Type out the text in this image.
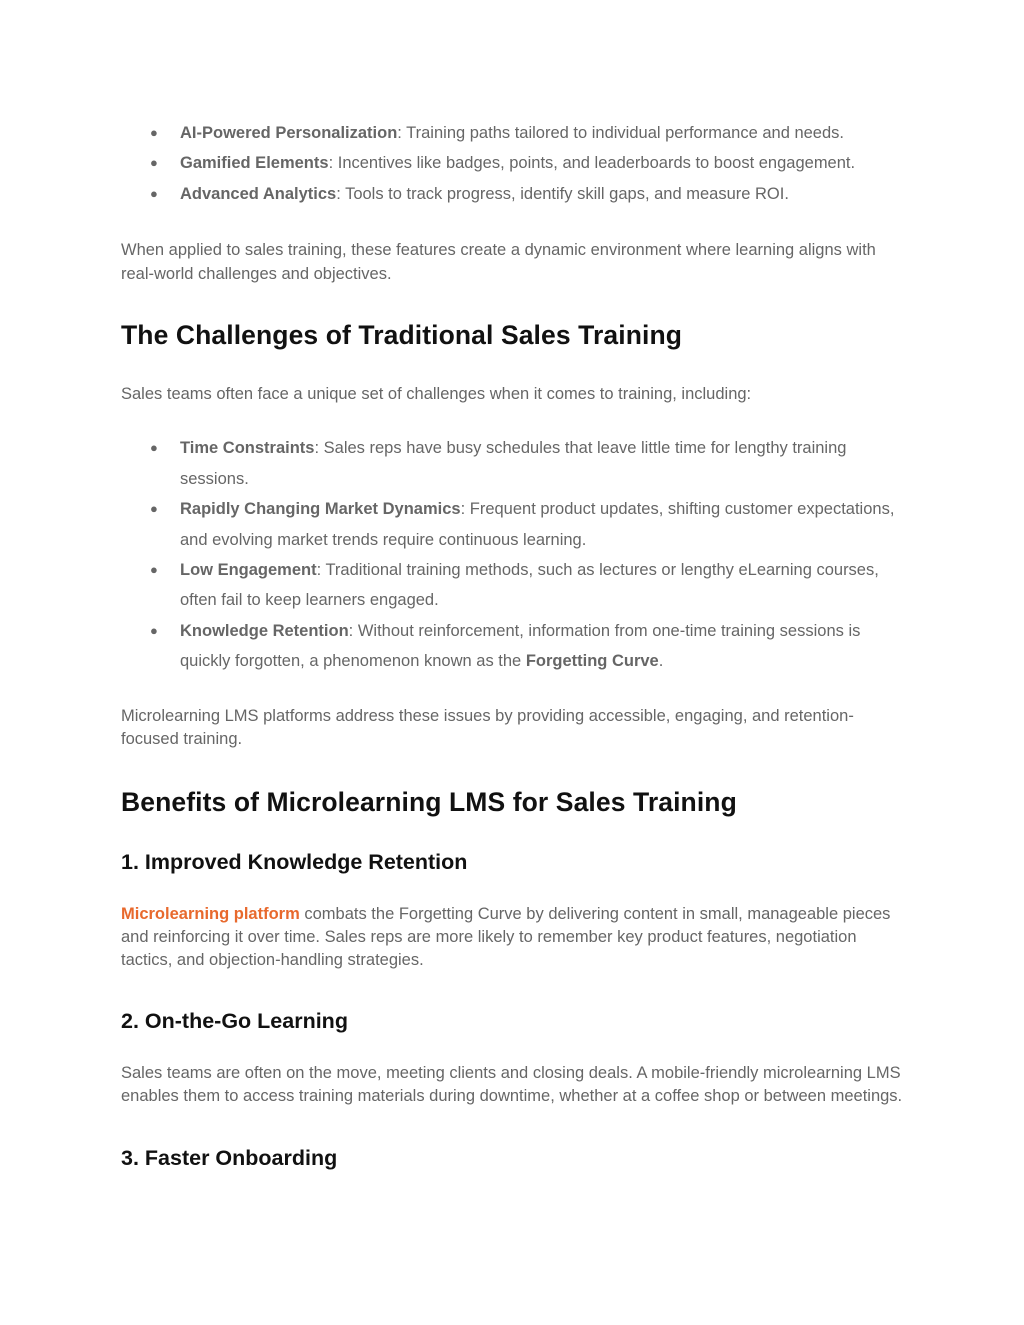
● AI-Powered Personalization: Training paths tailored to individual performance and needs.
● Gamified Elements: Incentives like badges, points, and leaderboards to boost engagement.
● Advanced Analytics: Tools to track progress, identify skill gaps, and measure ROI.

When applied to sales training, these features create a dynamic environment where learning aligns with real-world challenges and objectives.

The Challenges of Traditional Sales Training

Sales teams often face a unique set of challenges when it comes to training, including:

● Time Constraints: Sales reps have busy schedules that leave little time for lengthy training sessions.
● Rapidly Changing Market Dynamics: Frequent product updates, shifting customer expectations, and evolving market trends require continuous learning.
● Low Engagement: Traditional training methods, such as lectures or lengthy eLearning courses, often fail to keep learners engaged.
● Knowledge Retention: Without reinforcement, information from one-time training sessions is quickly forgotten, a phenomenon known as the Forgetting Curve.

Microlearning LMS platforms address these issues by providing accessible, engaging, and retention-focused training.

Benefits of Microlearning LMS for Sales Training
1. Improved Knowledge Retention

Microlearning platform combats the Forgetting Curve by delivering content in small, manageable pieces and reinforcing it over time. Sales reps are more likely to remember key product features, negotiation tactics, and objection-handling strategies.

2. On-the-Go Learning

Sales teams are often on the move, meeting clients and closing deals. A mobile-friendly microlearning LMS enables them to access training materials during downtime, whether at a coffee shop or between meetings.

3. Faster Onboarding
